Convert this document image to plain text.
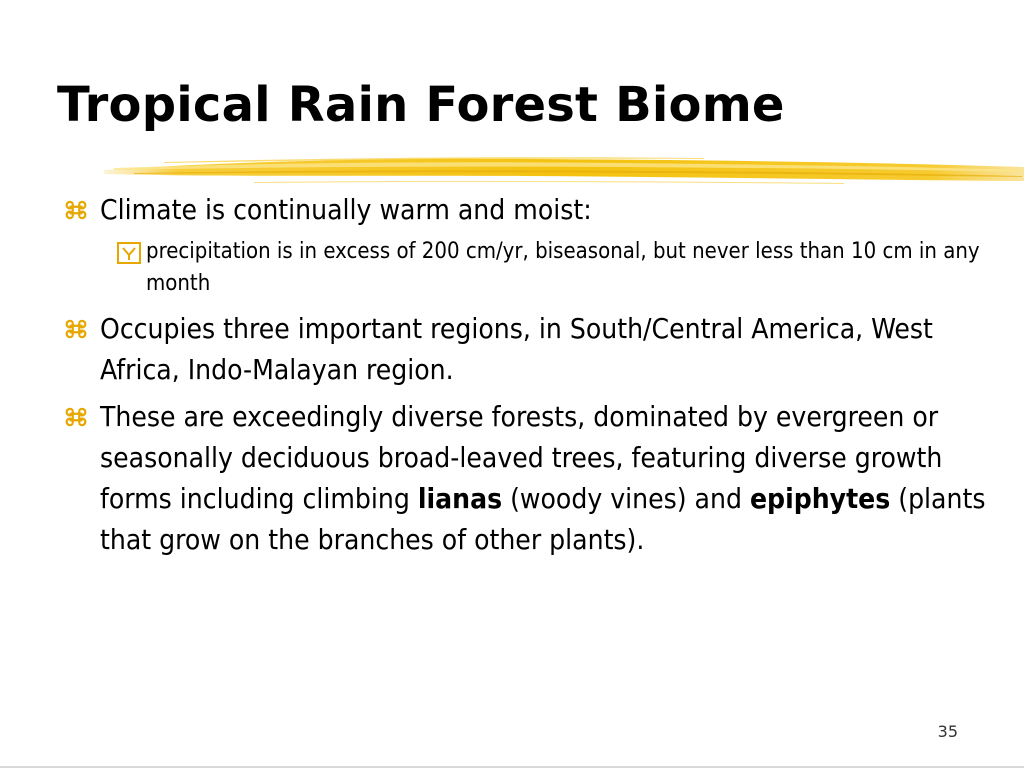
Tropical Rain Forest Biome
Climate is continually warm and moist:
precipitation is in excess of 200 cm/yr, biseasonal, but never less than 10 cm in any month
Occupies three important regions, in South/Central America, West Africa, Indo-Malayan region.
These are exceedingly diverse forests, dominated by evergreen or seasonally deciduous broad-leaved trees, featuring diverse growth forms including climbing lianas (woody vines) and epiphytes (plants that grow on the branches of other plants).
35
